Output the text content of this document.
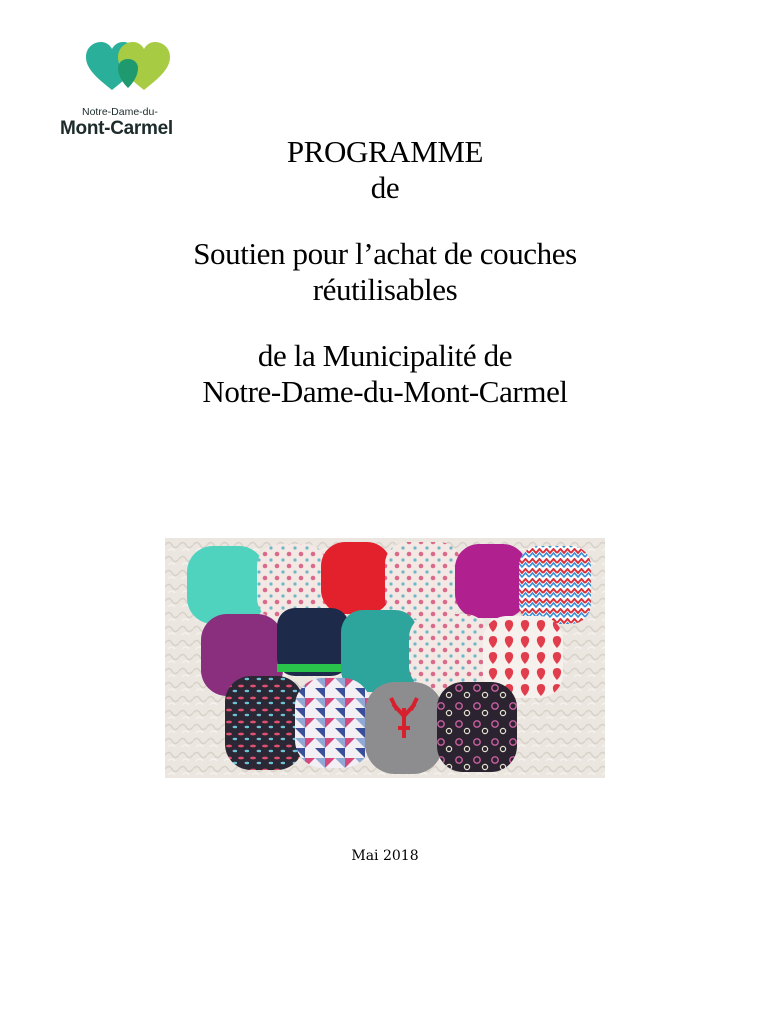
Notre-Dame-du-
Mont-Carmel
PROGRAMME
de
Soutien pour l’achat de couches
réutilisables
de la Municipalité de
Notre-Dame-du-Mont-Carmel
Mai 2018
